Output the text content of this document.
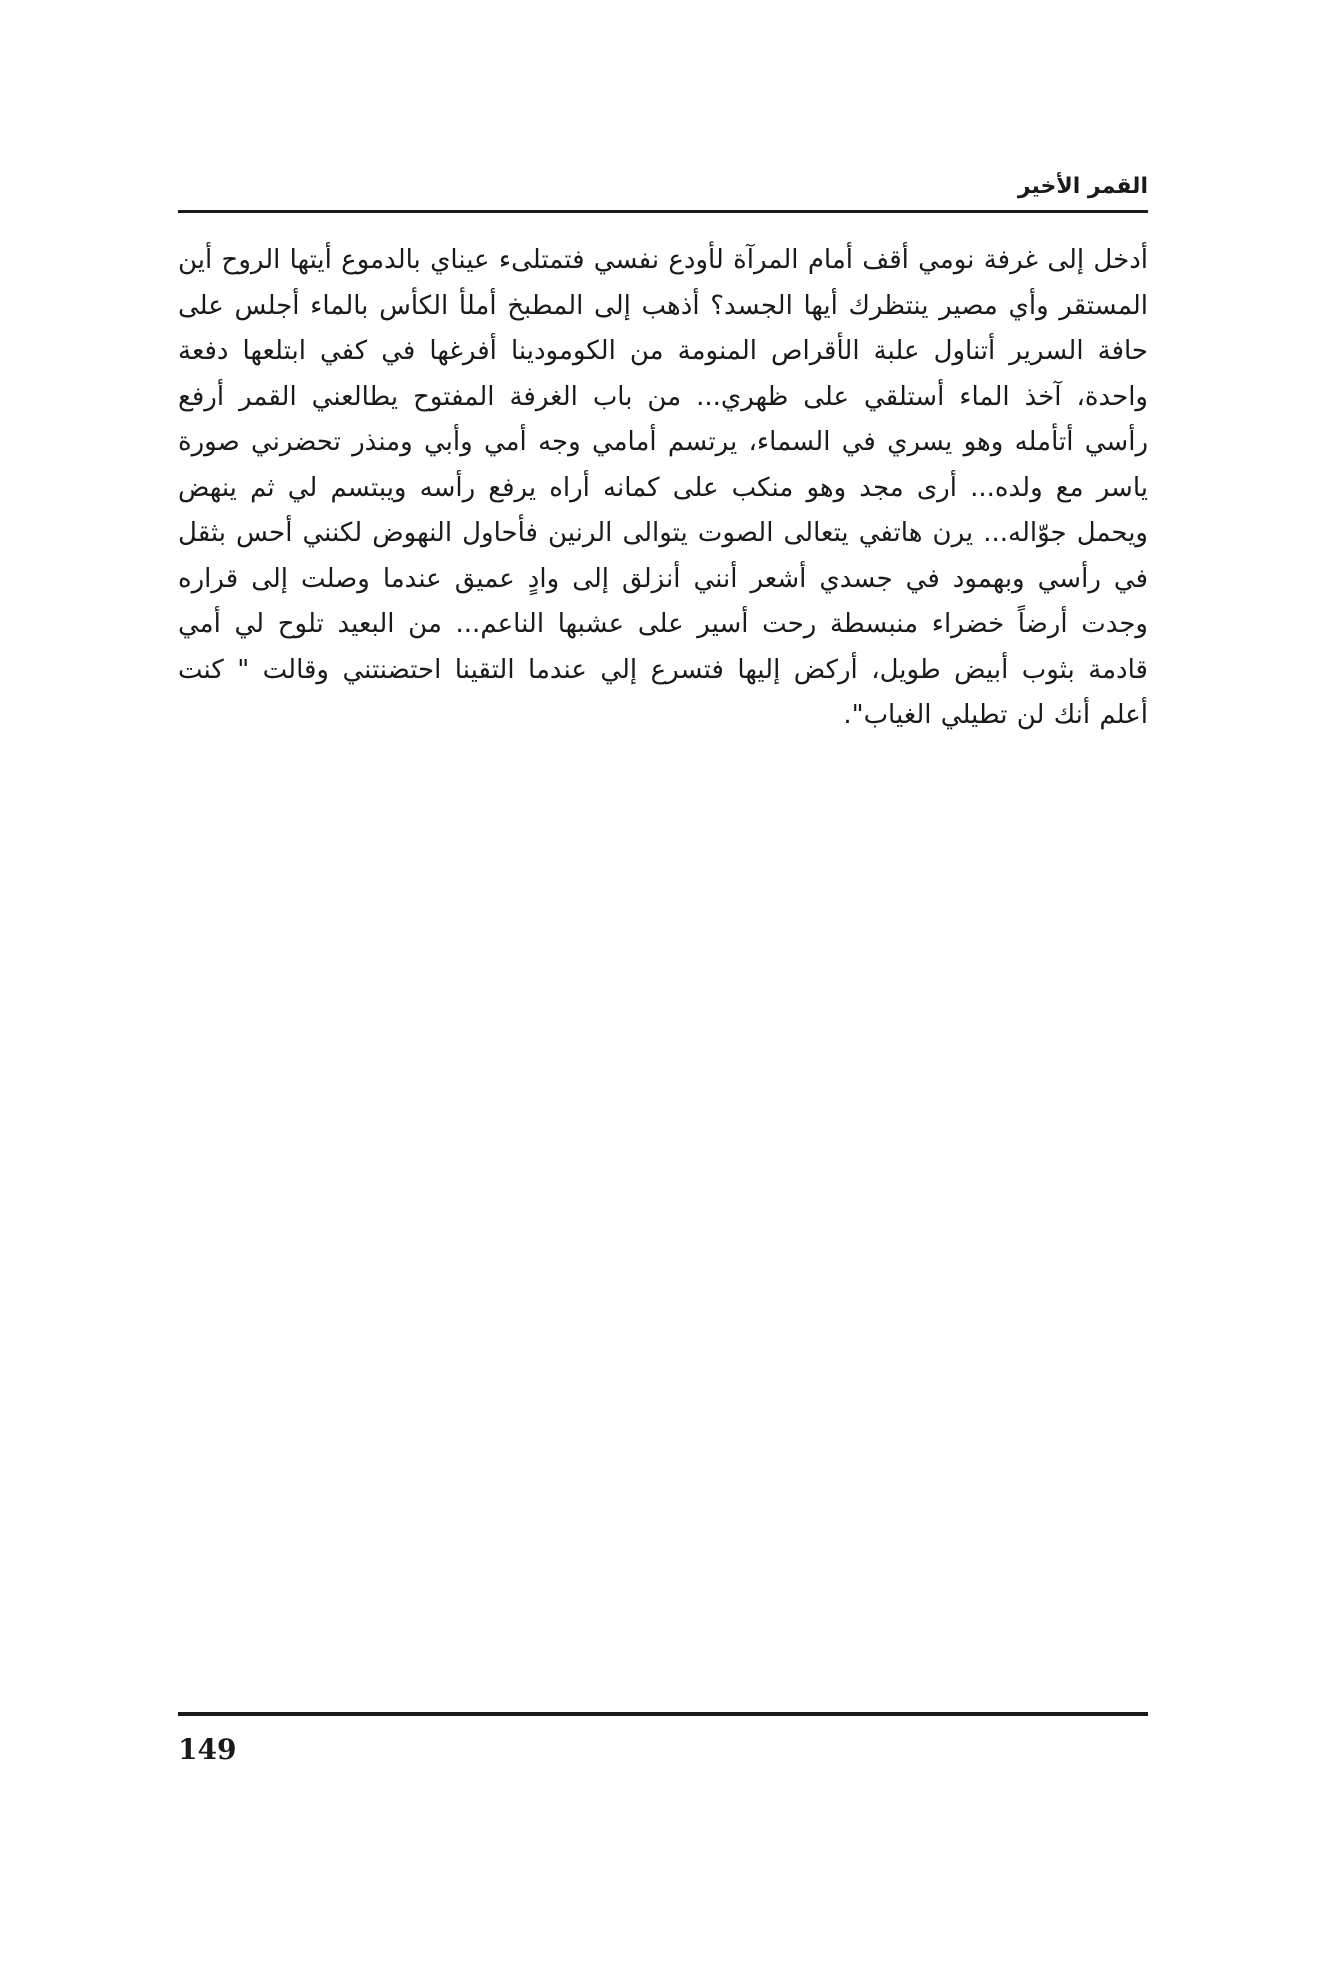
القمر الأخير

أدخل إلى غرفة نومي أقف أمام المرآة لأودع نفسي فتمتلىء عيناي بالدموع أيتها الروح أين المستقر وأي مصير ينتظرك أيها الجسد؟ أذهب إلى المطبخ أملأ الكأس بالماء أجلس على حافة السرير أتناول علبة الأقراص المنومة من الكومودينا أفرغها في كفي ابتلعها دفعة واحدة، آخذ الماء أستلقي على ظهري... من باب الغرفة المفتوح يطالعني القمر أرفع رأسي أتأمله وهو يسري في السماء، يرتسم أمامي وجه أمي وأبي ومنذر تحضرني صورة ياسر مع ولده... أرى مجد وهو منكب على كمانه أراه يرفع رأسه ويبتسم لي ثم ينهض ويحمل جوّاله... يرن هاتفي يتعالى الصوت يتوالى الرنين فأحاول النهوض لكنني أحس بثقل في رأسي وبهمود في جسدي أشعر أنني أنزلق إلى وادٍ عميق عندما وصلت إلى قراره وجدت أرضاً خضراء منبسطة رحت أسير على عشبها الناعم... من البعيد تلوح لي أمي قادمة بثوب أبيض طويل، أركض إليها فتسرع إلي عندما التقينا احتضنتني وقالت " كنت أعلم أنك لن تطيلي الغياب".

149
